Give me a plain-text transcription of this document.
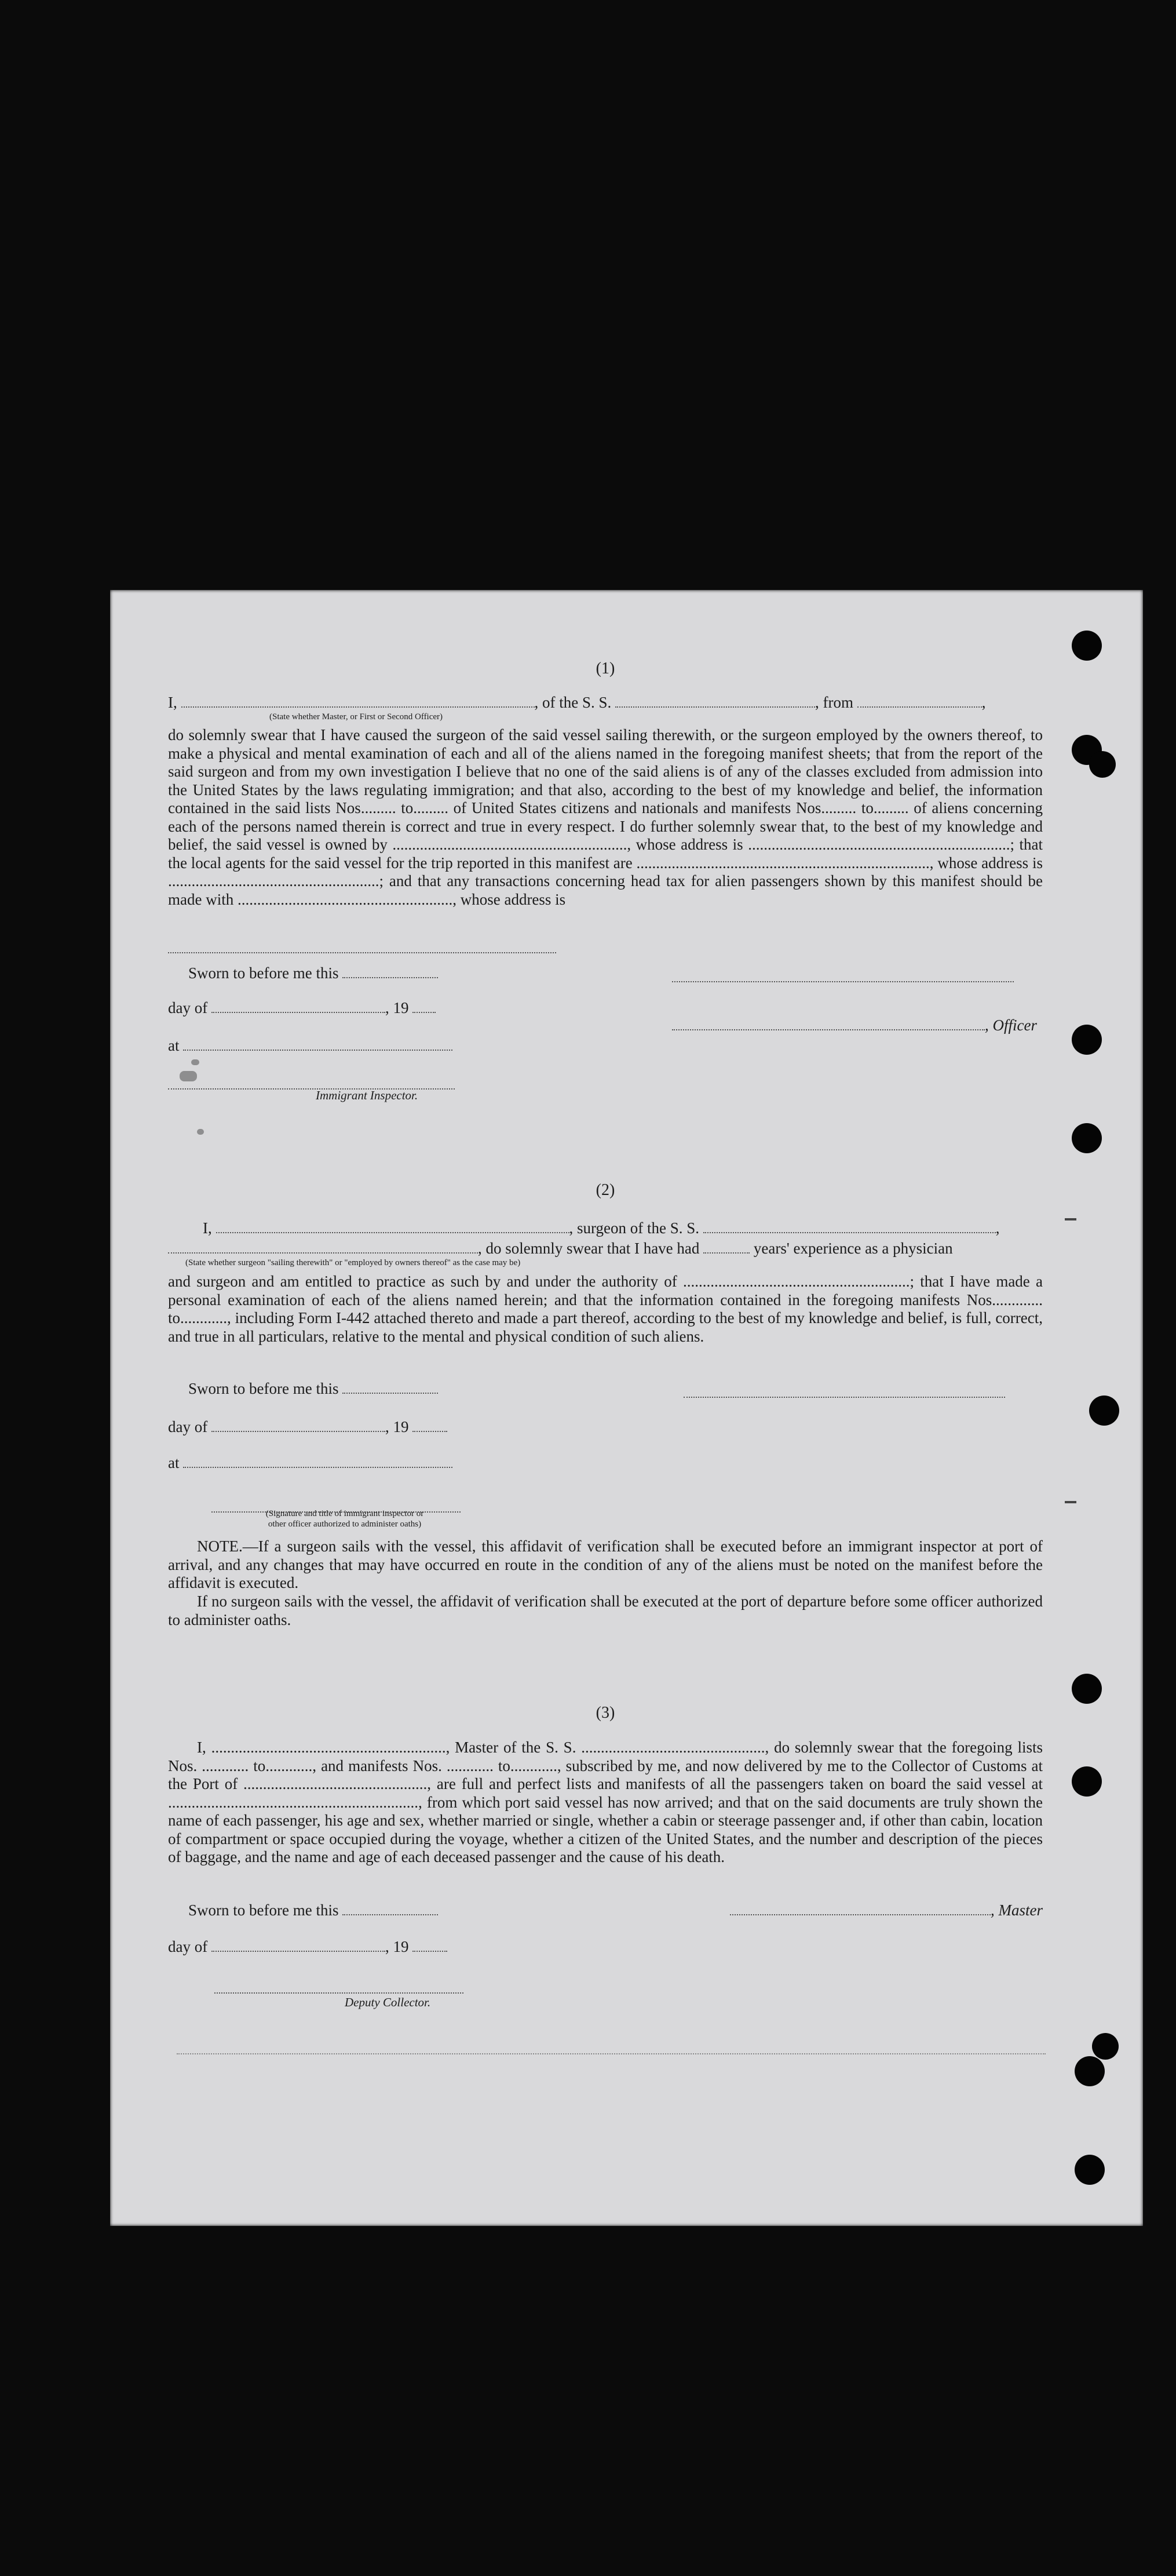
(1)
I,	, of the S. S.	, from	,
(State whether Master, or First or Second Officer)
do solemnly swear that I have caused the surgeon of the said vessel sailing therewith, or the surgeon employed by the owners thereof, to make a physical and mental examination of each and all of the aliens named in the foregoing manifest sheets; that from the report of the said surgeon and from my own investigation I believe that no one of the said aliens is of any of the classes excluded from admission into the United States by the laws regulating immigration; and that also, according to the best of my knowledge and belief, the information contained in the said lists Nos......... to......... of United States citizens and nationals and manifests Nos......... to......... of aliens concerning each of the persons named therein is correct and true in every respect. I do further solemnly swear that, to the best of my knowledge and belief, the said vessel is owned by ............................................................, whose address is ...................................................................; that the local agents for the said vessel for the trip reported in this manifest are ..........................................................................., whose address is ......................................................; and that any transactions concerning head tax for alien passengers shown by this manifest should be made with ......................................................., whose address is
Sworn to before me this
day of	, 19
, Officer
at
Immigrant Inspector.
(2)
I,	, surgeon of the S. S.	,
, do solemnly swear that I have had	years' experience as a physician
(State whether surgeon "sailing therewith" or "employed by owners thereof" as the case may be)
and surgeon and am entitled to practice as such by and under the authority of ..........................................................; that I have made a personal examination of each of the aliens named herein; and that the information contained in the foregoing manifests Nos............. to............, including Form I-442 attached thereto and made a part thereof, according to the best of my knowledge and belief, is full, correct, and true in all particulars, relative to the mental and physical condition of such aliens.
Sworn to before me this
day of	, 19
at
(Signature and title of immigrant inspector or other officer authorized to administer oaths)
NOTE.—If a surgeon sails with the vessel, this affidavit of verification shall be executed before an immigrant inspector at port of arrival, and any changes that may have occurred en route in the condition of any of the aliens must be noted on the manifest before the affidavit is executed.
If no surgeon sails with the vessel, the affidavit of verification shall be executed at the port of departure before some officer authorized to administer oaths.
(3)
I, ............................................................, Master of the S. S. ..............................................., do solemnly swear that the foregoing lists Nos. ............ to............, and manifests Nos. ............ to............, subscribed by me, and now delivered by me to the Collector of Customs at the Port of ..............................................., are full and perfect lists and manifests of all the passengers taken on board the said vessel at ................................................................, from which port said vessel has now arrived; and that on the said documents are truly shown the name of each passenger, his age and sex, whether married or single, whether a cabin or steerage passenger and, if other than cabin, location of compartment or space occupied during the voyage, whether a citizen of the United States, and the number and description of the pieces of baggage, and the name and age of each deceased passenger and the cause of his death.
Sworn to before me this	, Master
day of	, 19
Deputy Collector.
